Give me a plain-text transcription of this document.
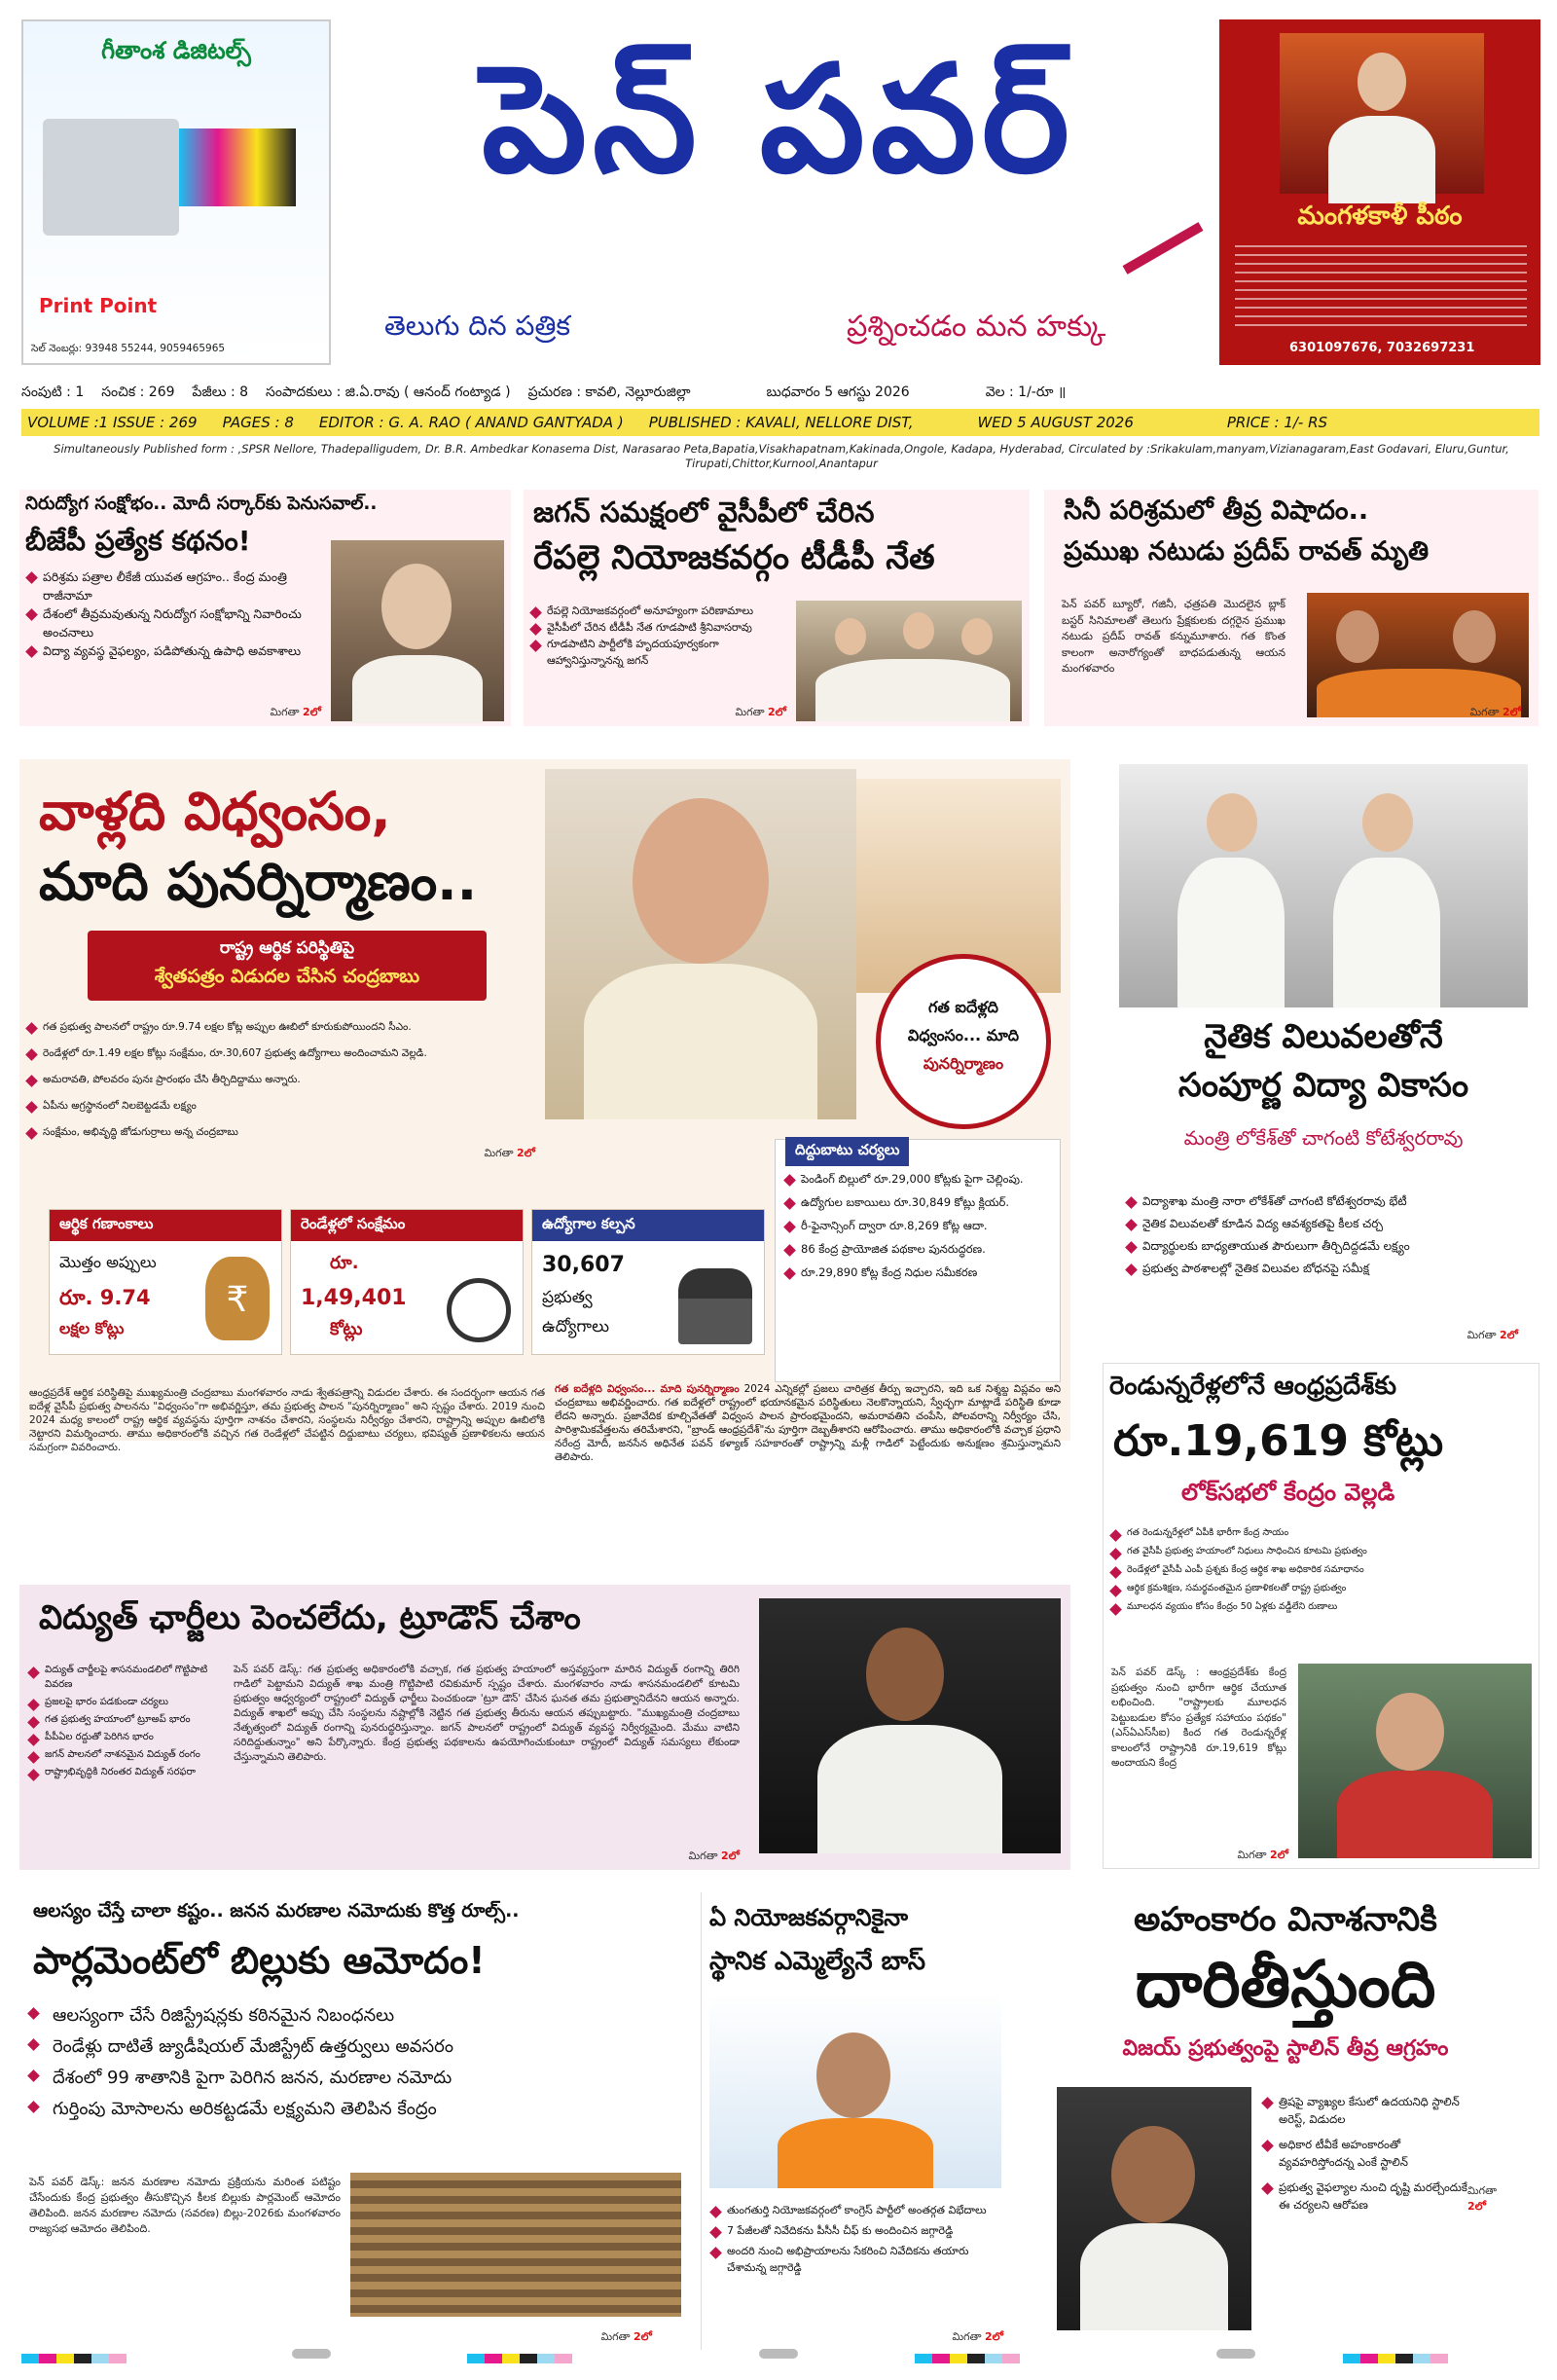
గీతాంశ డిజిటల్స్
Print Point
సెల్ నెంబర్లు: 93948 55244, 9059465965
పెన్ పవర్
తెలుగు దిన పత్రిక	ప్రశ్నించడం మన హక్కు
మంగళకాళీ పీఠం
6301097676, 7032697231
సంపుటి : 1 సంచిక : 269 పేజీలు : 8 సంపాదకులు : జి.ఏ.రావు ( ఆనంద్ గంట్యాడ ) ప్రచురణ : కావలి, నెల్లూరుజిల్లా	బుధవారం 5 ఆగస్టు 2026	వెల : 1/-రూ ॥
VOLUME :1 ISSUE : 269 PAGES : 8 EDITOR : G. A. RAO ( ANAND GANTYADA ) PUBLISHED : KAVALI, NELLORE DIST,	WED 5 AUGUST 2026	PRICE : 1/- RS
Simultaneously Published form : ,SPSR Nellore, Thadepalligudem, Dr. B.R. Ambedkar Konasema Dist, Narasarao Peta,Bapatia,Visakhapatnam,Kakinada,Ongole, Kadapa, Hyderabad, Circulated by :Srikakulam,manyam,Vizianagaram,East Godavari, Eluru,Guntur, Tirupati,Chittor,Kurnool,Anantapur
నిరుద్యోగ సంక్షోభం.. మోదీ సర్కార్‌కు పెనుసవాల్..
బీజేపీ ప్రత్యేక కథనం!
పరిశ్రమ పత్రాల లీకేజీ యువత ఆగ్రహం.. కేంద్ర మంత్రి రాజీనామా
దేశంలో తీవ్రమవుతున్న నిరుద్యోగ సంక్షోభాన్ని నివారించు అంచనాలు
విద్యా వ్యవస్థ వైఫల్యం, పడిపోతున్న ఉపాధి అవకాశాలు
మిగతా 2లో
జగన్ సమక్షంలో వైసీపీలో చేరిన
రేపల్లె నియోజకవర్గం టీడీపీ నేత
రేపల్లె నియోజకవర్గంలో అనూహ్యంగా పరిణామాలు
వైసీపీలో చేరిన టీడీపీ నేత గూడపాటి శ్రీనివాసరావు
గూడపాటిని పార్టీలోకి హృదయపూర్వకంగా ఆహ్వానిస్తున్నానన్న జగన్
మిగతా 2లో
సినీ పరిశ్రమలో తీవ్ర విషాదం..
ప్రముఖ నటుడు ప్రదీప్ రావత్ మృతి
పెన్ పవర్ బ్యూరో, గజినీ, ఛత్రపతి మొదలైన బ్లాక్ బస్టర్ సినిమాలతో తెలుగు ప్రేక్షకులకు దగ్గరైన ప్రముఖ నటుడు ప్రదీప్ రావత్ కన్నుమూశారు. గత కొంత కాలంగా అనారోగ్యంతో బాధపడుతున్న ఆయన మంగళవారం
మిగతా 2లో
వాళ్లది విధ్వంసం,
మాది పునర్నిర్మాణం..
రాష్ట్ర ఆర్థిక పరిస్థితిపై
శ్వేతపత్రం విడుదల చేసిన చంద్రబాబు
గత ప్రభుత్వ పాలనలో రాష్ట్రం రూ.9.74 లక్షల కోట్ల అప్పుల ఊబిలో కూరుకుపోయిందని సీఎం.
రెండేళ్లలో రూ.1.49 లక్షల కోట్లు సంక్షేమం, రూ.30,607 ప్రభుత్వ ఉద్యోగాలు అందించామని వెల్లడి.
అమరావతి, పోలవరం పునః ప్రారంభం చేసి తీర్చిదిద్దాము అన్నారు.
ఏపీను అగ్రస్థానంలో నిలబెట్టడమే లక్ష్యం
సంక్షేమం, అభివృద్ధి జోడుగుర్రాలు అన్న చంద్రబాబు
మిగతా 2లో
గత ఐదేళ్లది
విధ్వంసం... మాది
పునర్నిర్మాణం
దిద్దుబాటు చర్యలు
పెండింగ్ బిల్లులో రూ.29,000 కోట్లకు పైగా చెల్లింపు.
ఉద్యోగుల బకాయిలు రూ.30,849 కోట్లు క్లియర్.
రీ-ఫైనాన్సింగ్ ద్వారా రూ.8,269 కోట్ల ఆదా.
86 కేంద్ర ప్రాయోజిత పథకాల పునరుద్ధరణ.
రూ.29,890 కోట్ల కేంద్ర నిధుల సమీకరణ
ఆర్థిక గణాంకాలు
మొత్తం అప్పులు
రూ. 9.74
లక్షల కోట్లు
₹
రెండేళ్లలో సంక్షేమం
రూ.
1,49,401
కోట్లు
ఉద్యోగాల కల్పన
30,607
ప్రభుత్వ
ఉద్యోగాలు
ఆంధ్రప్రదేశ్ ఆర్థిక పరిస్థితిపై ముఖ్యమంత్రి చంద్రబాబు మంగళవారం నాడు శ్వేతపత్రాన్ని విడుదల చేశారు. ఈ సందర్భంగా ఆయన గత ఐదేళ్ల వైసీపీ ప్రభుత్వ పాలనను "విధ్వంసం"గా అభివర్ణిస్తూ, తమ ప్రభుత్వ పాలన "పునర్నిర్మాణం" అని స్పష్టం చేశారు. 2019 నుంచి 2024 మధ్య కాలంలో రాష్ట్ర ఆర్థిక వ్యవస్థను పూర్తిగా నాశనం చేశారని, సంస్థలను నిర్వీర్యం చేశారని, రాష్ట్రాన్ని అప్పుల ఊబిలోకి నెట్టారని విమర్శించారు. తాము అధికారంలోకి వచ్చిన గత రెండేళ్లలో చేపట్టిన దిద్దుబాటు చర్యలు, భవిష్యత్ ప్రణాళికలను ఆయన సమగ్రంగా వివరించారు.
గత ఐదేళ్లది విధ్వంసం... మాది పునర్నిర్మాణం 2024 ఎన్నికల్లో ప్రజలు చారిత్రక తీర్పు ఇచ్చారని, ఇది ఒక నిశ్శబ్ద విప్లవం అని చంద్రబాబు అభివర్ణించారు. గత ఐదేళ్లలో రాష్ట్రంలో భయానకమైన పరిస్థితులు నెలకొన్నాయని, స్వేచ్ఛగా మాట్లాడే పరిస్థితి కూడా లేదని అన్నారు. ప్రజావేదిక కూల్చివేతతో విధ్వంస పాలన ప్రారంభమైందని, అమరావతిని చంపేసి, పోలవరాన్ని నిర్వీర్యం చేసి, పారిశ్రామికవేత్తలను తరిమేశారని, "బ్రాండ్ ఆంధ్రప్రదేశ్"ను పూర్తిగా దెబ్బతీశారని ఆరోపించారు. తాము అధికారంలోకి వచ్చాక ప్రధాని నరేంద్ర మోదీ, జనసేన అధినేత పవన్ కళ్యాణ్ సహకారంతో రాష్ట్రాన్ని మళ్లీ గాడిలో పెట్టేందుకు అనుక్షణం శ్రమిస్తున్నామని తెలిపారు.
నైతిక విలువలతోనే
సంపూర్ణ విద్యా వికాసం
మంత్రి లోకేశ్‌తో చాగంటి కోటేశ్వరరావు
విద్యాశాఖ మంత్రి నారా లోకేశ్‌తో చాగంటి కోటేశ్వరరావు భేటీ
నైతిక విలువలతో కూడిన విద్య ఆవశ్యకతపై కీలక చర్చ
విద్యార్థులకు బాధ్యతాయుత పౌరులుగా తీర్చిదిద్దడమే లక్ష్యం
ప్రభుత్వ పాఠశాలల్లో నైతిక విలువల బోధనపై సమీక్ష
మిగతా 2లో
రెండున్నరేళ్లలోనే ఆంధ్రప్రదేశ్‌కు
రూ.19,619 కోట్లు
లోక్‌సభలో కేంద్రం వెల్లడి
గత రెండున్నరేళ్లలో ఏపీకి భారీగా కేంద్ర సాయం
గత వైసీపీ ప్రభుత్వ హయాంలో నిధులు సాధించిన కూటమి ప్రభుత్వం
రెండేళ్లలో వైసీపీ ఎంపీ ప్రశ్నకు కేంద్ర ఆర్థిక శాఖ అధికారిక సమాధానం
ఆర్థిక క్రమశిక్షణ, సమర్థవంతమైన ప్రణాళికలతో రాష్ట్ర ప్రభుత్వం
మూలధన వ్యయం కోసం కేంద్రం 50 ఏళ్లకు వడ్డీలేని రుణాలు
పెన్ పవర్ డెస్క్ : ఆంధ్రప్రదేశ్‌కు కేంద్ర ప్రభుత్వం నుంచి భారీగా ఆర్థిక చేయూత లభించింది. "రాష్ట్రాలకు మూలధన పెట్టుబడుల కోసం ప్రత్యేక సహాయం పథకం" (ఎస్‌ఏఎస్‌సీఐ) కింద గత రెండున్నరేళ్ల కాలంలోనే రాష్ట్రానికి రూ.19,619 కోట్లు అందాయని కేంద్ర
మిగతా 2లో
విద్యుత్ ఛార్జీలు పెంచలేదు, ట్రూడౌన్ చేశాం
విద్యుత్ చార్జీలపై శాసనమండలిలో గొట్టిపాటి వివరణ
ప్రజలపై భారం పడకుండా చర్యలు
గత ప్రభుత్వ హయాంలో ట్రూఅప్ భారం
పీపీఏల రద్దుతో పెరిగిన భారం
జగన్ పాలనలో నాశనమైన విద్యుత్ రంగం
రాష్ట్రాభివృద్ధికి నిరంతర విద్యుత్ సరఫరా
పెన్ పవర్ డెస్క్: గత ప్రభుత్వ అధికారంలోకి వచ్చాక, గత ప్రభుత్వ హయాంలో అస్తవ్యస్తంగా మారిన విద్యుత్ రంగాన్ని తిరిగి గాడిలో పెట్టామని విద్యుత్ శాఖ మంత్రి గొట్టిపాటి రవికుమార్ స్పష్టం చేశారు. మంగళవారం నాడు శాసనమండలిలో కూటమి ప్రభుత్వం ఆధ్వర్యంలో రాష్ట్రంలో విద్యుత్ ఛార్జీలు పెంచకుండా 'ట్రూ డౌన్' చేసిన ఘనత తమ ప్రభుత్వానిదేనని ఆయన అన్నారు. విద్యుత్ శాఖలో అప్పు చేసి సంస్థలను నష్టాల్లోకి నెట్టిన గత ప్రభుత్వ తీరును ఆయన తప్పుబట్టారు. "ముఖ్యమంత్రి చంద్రబాబు నేతృత్వంలో విద్యుత్ రంగాన్ని పునరుద్ధరిస్తున్నాం. జగన్ పాలనలో రాష్ట్రంలో విద్యుత్ వ్యవస్థ నిర్వీర్యమైంది. మేము వాటిని సరిదిద్దుతున్నాం" అని పేర్కొన్నారు. కేంద్ర ప్రభుత్వ పథకాలను ఉపయోగించుకుంటూ రాష్ట్రంలో విద్యుత్ సమస్యలు లేకుండా చేస్తున్నామని తెలిపారు.
మిగతా 2లో
ఆలస్యం చేస్తే చాలా కష్టం.. జనన మరణాల నమోదుకు కొత్త రూల్స్..
పార్లమెంట్‌లో బిల్లుకు ఆమోదం!
ఆలస్యంగా చేసే రిజిస్ట్రేషన్లకు కఠినమైన నిబంధనలు
రెండేళ్లు దాటితే జ్యుడీషియల్ మేజిస్ట్రేట్ ఉత్తర్వులు అవసరం
దేశంలో 99 శాతానికి పైగా పెరిగిన జనన, మరణాల నమోదు
గుర్తింపు మోసాలను అరికట్టడమే లక్ష్యమని తెలిపిన కేంద్రం
పెన్ పవర్ డెస్క్: జనన మరణాల నమోదు ప్రక్రియను మరింత పటిష్టం చేసేందుకు కేంద్ర ప్రభుత్వం తీసుకొచ్చిన కీలక బిల్లుకు పార్లమెంట్ ఆమోదం తెలిపింది. జనన మరణాల నమోదు (సవరణ) బిల్లు-2026కు మంగళవారం రాజ్యసభ ఆమోదం తెలిపింది.
మిగతా 2లో
ఏ నియోజకవర్గానికైనా
స్థానిక ఎమ్మెల్యేనే బాస్
తుంగతుర్తి నియోజకవర్గంలో కాంగ్రెస్ పార్టీలో అంతర్గత విభేదాలు
7 పేజీలతో నివేదికను పీసీసీ చీఫ్ కు అందించిన జగ్గారెడ్డి
అందరి నుంచి అభిప్రాయాలను సేకరించి నివేదికను తయారు చేశామన్న జగ్గారెడ్డి
మిగతా 2లో
అహంకారం వినాశనానికి
దారితీస్తుంది
విజయ్ ప్రభుత్వంపై స్టాలిన్ తీవ్ర ఆగ్రహం
త్రిషపై వ్యాఖ్యల కేసులో ఉదయనిధి స్టాలిన్ అరెస్ట్, విడుదల
అధికార టీవీకే అహంకారంతో వ్యవహరిస్తోందన్న ఎంకే స్టాలిన్
ప్రభుత్వ వైఫల్యాల నుంచి దృష్టి మరల్చేందుకే ఈ చర్యలని ఆరోపణ
మిగతా
2లో
